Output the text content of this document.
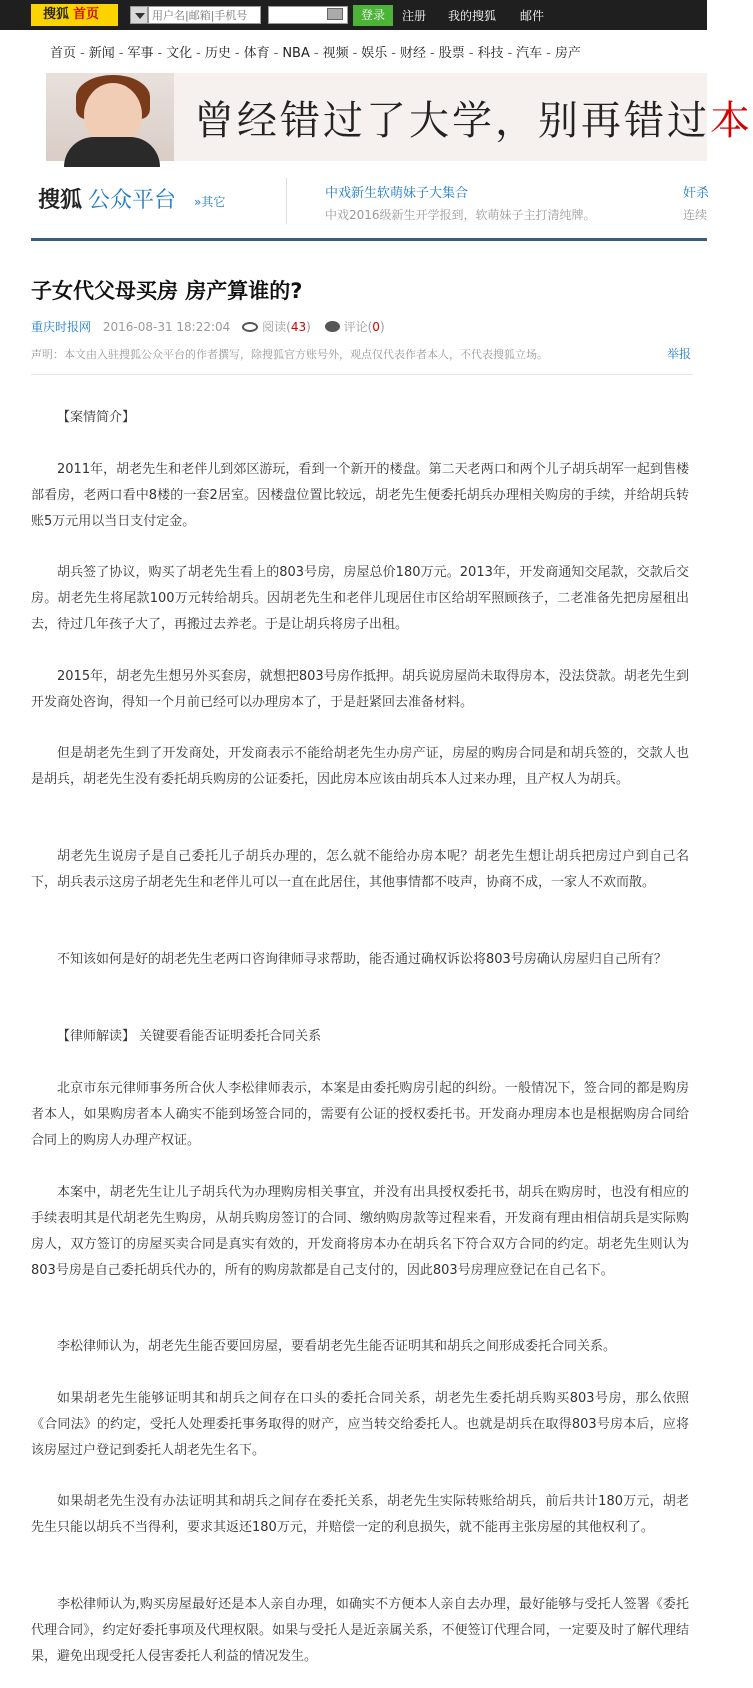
搜狐 首页
用户名|邮箱|手机号	登录	注册 我的搜狐 邮件
首页 - 新闻 - 军事 - 文化 - 历史 - 体育 - NBA - 视频 - 娱乐 - 财经 - 股票 - 科技 - 汽车 - 房产
曾经错过了大学，别再错过本
搜狐 公众平台 »其它
中戏新生软萌妹子大集合
中戏2016级新生开学报到，软萌妹子主打清纯牌。
奸杀
连续
子女代父母买房 房产算谁的?
重庆时报网 2016-08-31 18:22:04	阅读(43)	评论(0)
声明：本文由入驻搜狐公众平台的作者撰写，除搜狐官方账号外，观点仅代表作者本人，不代表搜狐立场。	举报

【案情简介】

2011年，胡老先生和老伴儿到郊区游玩，看到一个新开的楼盘。第二天老两口和两个儿子胡兵胡军一起到售楼部看房，老两口看中8楼的一套2居室。因楼盘位置比较远，胡老先生便委托胡兵办理相关购房的手续，并给胡兵转账5万元用以当日支付定金。

胡兵签了协议，购买了胡老先生看上的803号房，房屋总价180万元。2013年，开发商通知交尾款，交款后交房。胡老先生将尾款100万元转给胡兵。因胡老先生和老伴儿现居住市区给胡军照顾孩子，二老准备先把房屋租出去，待过几年孩子大了，再搬过去养老。于是让胡兵将房子出租。

2015年，胡老先生想另外买套房，就想把803号房作抵押。胡兵说房屋尚未取得房本，没法贷款。胡老先生到开发商处咨询，得知一个月前已经可以办理房本了，于是赶紧回去准备材料。

但是胡老先生到了开发商处，开发商表示不能给胡老先生办房产证，房屋的购房合同是和胡兵签的，交款人也是胡兵，胡老先生没有委托胡兵购房的公证委托，因此房本应该由胡兵本人过来办理，且产权人为胡兵。

胡老先生说房子是自己委托儿子胡兵办理的，怎么就不能给办房本呢？胡老先生想让胡兵把房过户到自己名下，胡兵表示这房子胡老先生和老伴儿可以一直在此居住，其他事情都不吱声，协商不成，一家人不欢而散。

不知该如何是好的胡老先生老两口咨询律师寻求帮助，能否通过确权诉讼将803号房确认房屋归自己所有？

【律师解读】 关键要看能否证明委托合同关系

北京市东元律师事务所合伙人李松律师表示，本案是由委托购房引起的纠纷。一般情况下，签合同的都是购房者本人，如果购房者本人确实不能到场签合同的，需要有公证的授权委托书。开发商办理房本也是根据购房合同给合同上的购房人办理产权证。

本案中，胡老先生让儿子胡兵代为办理购房相关事宜，并没有出具授权委托书，胡兵在购房时，也没有相应的手续表明其是代胡老先生购房，从胡兵购房签订的合同、缴纳购房款等过程来看，开发商有理由相信胡兵是实际购房人，双方签订的房屋买卖合同是真实有效的，开发商将房本办在胡兵名下符合双方合同的约定。胡老先生则认为803号房是自己委托胡兵代办的，所有的购房款都是自己支付的，因此803号房理应登记在自己名下。

李松律师认为，胡老先生能否要回房屋，要看胡老先生能否证明其和胡兵之间形成委托合同关系。

如果胡老先生能够证明其和胡兵之间存在口头的委托合同关系，胡老先生委托胡兵购买803号房，那么依照《合同法》的约定，受托人处理委托事务取得的财产，应当转交给委托人。也就是胡兵在取得803号房本后，应将该房屋过户登记到委托人胡老先生名下。

如果胡老先生没有办法证明其和胡兵之间存在委托关系，胡老先生实际转账给胡兵，前后共计180万元，胡老先生只能以胡兵不当得利，要求其返还180万元，并赔偿一定的利息损失，就不能再主张房屋的其他权利了。

李松律师认为,购买房屋最好还是本人亲自办理，如确实不方便本人亲自去办理，最好能够与受托人签署《委托代理合同》，约定好委托事项及代理权限。如果与受托人是近亲属关系，不便签订代理合同，一定要及时了解代理结果，避免出现受托人侵害委托人利益的情况发生。
